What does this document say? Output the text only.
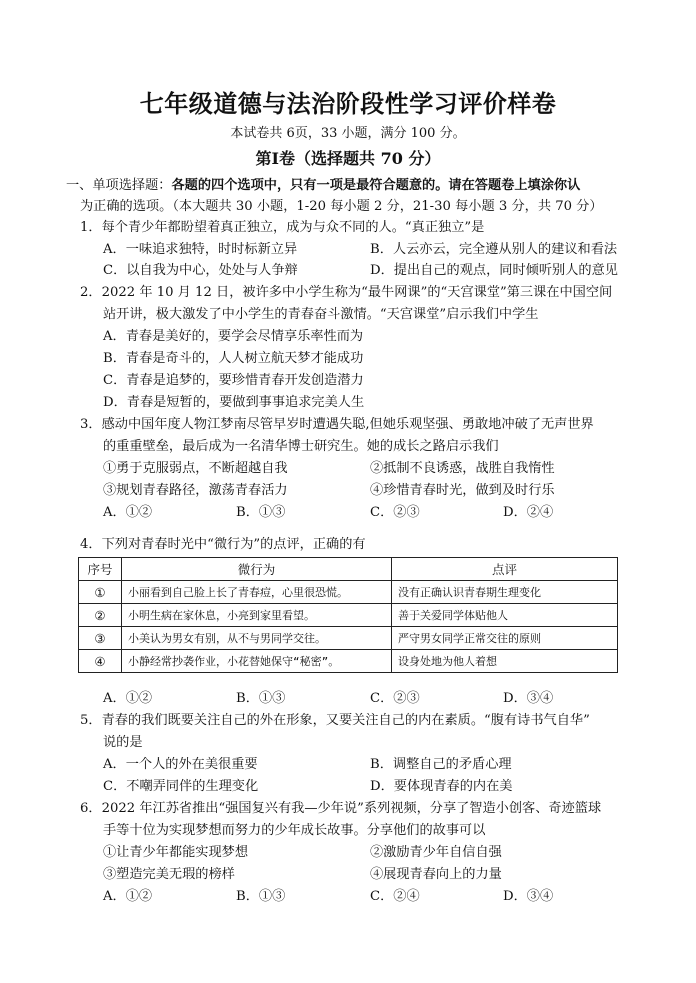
七年级道德与法治阶段性学习评价样卷
本试卷共 6页，33 小题，满分 100 分。
第Ⅰ卷（选择题共 70 分）
一、单项选择题：各题的四个选项中，只有一项是最符合题意的。请在答题卷上填涂你认
为正确的选项。（本大题共 30 小题，1-20 每小题 2 分，21-30 每小题 3 分，共 70 分）
1．每个青少年都盼望着真正独立，成为与众不同的人。“真正独立”是
A．一味追求独特，时时标新立异	B．人云亦云，完全遵从别人的建议和看法
C．以自我为中心，处处与人争辩	D．提出自己的观点，同时倾听别人的意见
2．2022 年 10 月 12 日，被许多中小学生称为“最牛网课”的“天宫课堂”第三课在中国空间
站开讲，极大激发了中小学生的青春奋斗激情。“天宫课堂”启示我们中学生
A．青春是美好的，要学会尽情享乐率性而为
B．青春是奇斗的，人人树立航天梦才能成功
C．青春是追梦的，要珍惜青春开发创造潜力
D．青春是短暂的，要做到事事追求完美人生
3．感动中国年度人物江梦南尽管早岁时遭遇失聪,但她乐观坚强、勇敢地冲破了无声世界
的重重壁垒，最后成为一名清华博士研究生。她的成长之路启示我们
①勇于克服弱点，不断超越自我	②抵制不良诱惑，战胜自我惰性
③规划青春路径，激荡青春活力	④珍惜青春时光，做到及时行乐
A．①②	B．①③	C．②③	D．②④
4．下列对青春时光中“微行为”的点评，正确的有
序号	微行为	点评
①	小丽看到自己脸上长了青春痘，心里很恐慌。	没有正确认识青春期生理变化
②	小明生病在家休息，小亮到家里看望。	善于关爱同学体贴他人
③	小美认为男女有别，从不与男同学交往。	严守男女同学正常交往的原则
④	小静经常抄袭作业，小花替她保守“秘密”。	设身处地为他人着想
A．①②	B．①③	C．②③	D．③④
5．青春的我们既要关注自己的外在形象，又要关注自己的内在素质。“腹有诗书气自华”
说的是
A．一个人的外在美很重要	B．调整自己的矛盾心理
C．不嘲弄同伴的生理变化	D．要体现青春的内在美
6．2022 年江苏省推出“强国复兴有我—少年说”系列视频，分享了智造小创客、奇迹篮球
手等十位为实现梦想而努力的少年成长故事。分享他们的故事可以
①让青少年都能实现梦想	②激励青少年自信自强
③塑造完美无瑕的榜样	④展现青春向上的力量
A．①②	B．①③	C．②④	D．③④
